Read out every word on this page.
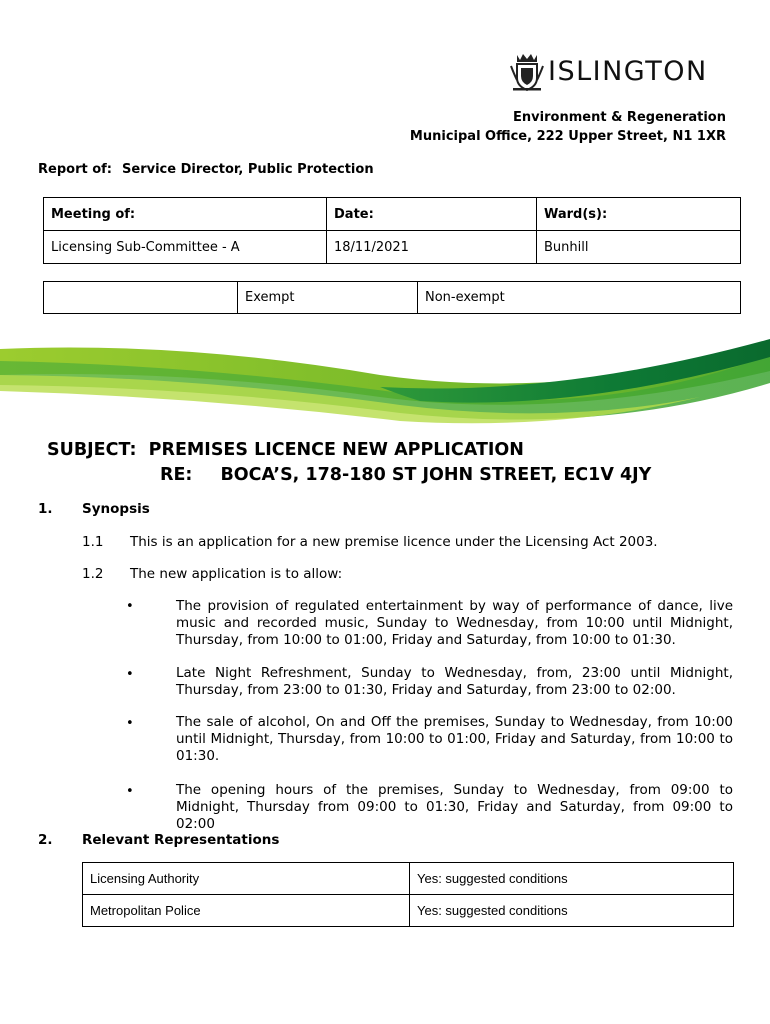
ISLINGTON
Environment & Regeneration
Municipal Office, 222 Upper Street, N1 1XR
Report of: Service Director, Public Protection
Meeting of:	Date:	Ward(s):
Licensing Sub-Committee - A	18/11/2021	Bunhill
	Exempt	Non-exempt
SUBJECT: PREMISES LICENCE NEW APPLICATION
RE: BOCA’S, 178-180 ST JOHN STREET, EC1V 4JY
1. Synopsis
1.1 This is an application for a new premise licence under the Licensing Act 2003.
1.2 The new application is to allow:
•	The provision of regulated entertainment by way of performance of dance, live music and recorded music, Sunday to Wednesday, from 10:00 until Midnight, Thursday, from 10:00 to 01:00, Friday and Saturday, from 10:00 to 01:30.
•	Late Night Refreshment, Sunday to Wednesday, from, 23:00 until Midnight, Thursday, from 23:00 to 01:30, Friday and Saturday, from 23:00 to 02:00.
•	The sale of alcohol, On and Off the premises, Sunday to Wednesday, from 10:00 until Midnight, Thursday, from 10:00 to 01:00, Friday and Saturday, from 10:00 to 01:30.
•	The opening hours of the premises, Sunday to Wednesday, from 09:00 to Midnight, Thursday from 09:00 to 01:30, Friday and Saturday, from 09:00 to 02:00
2. Relevant Representations
Licensing Authority	Yes: suggested conditions
Metropolitan Police	Yes: suggested conditions
